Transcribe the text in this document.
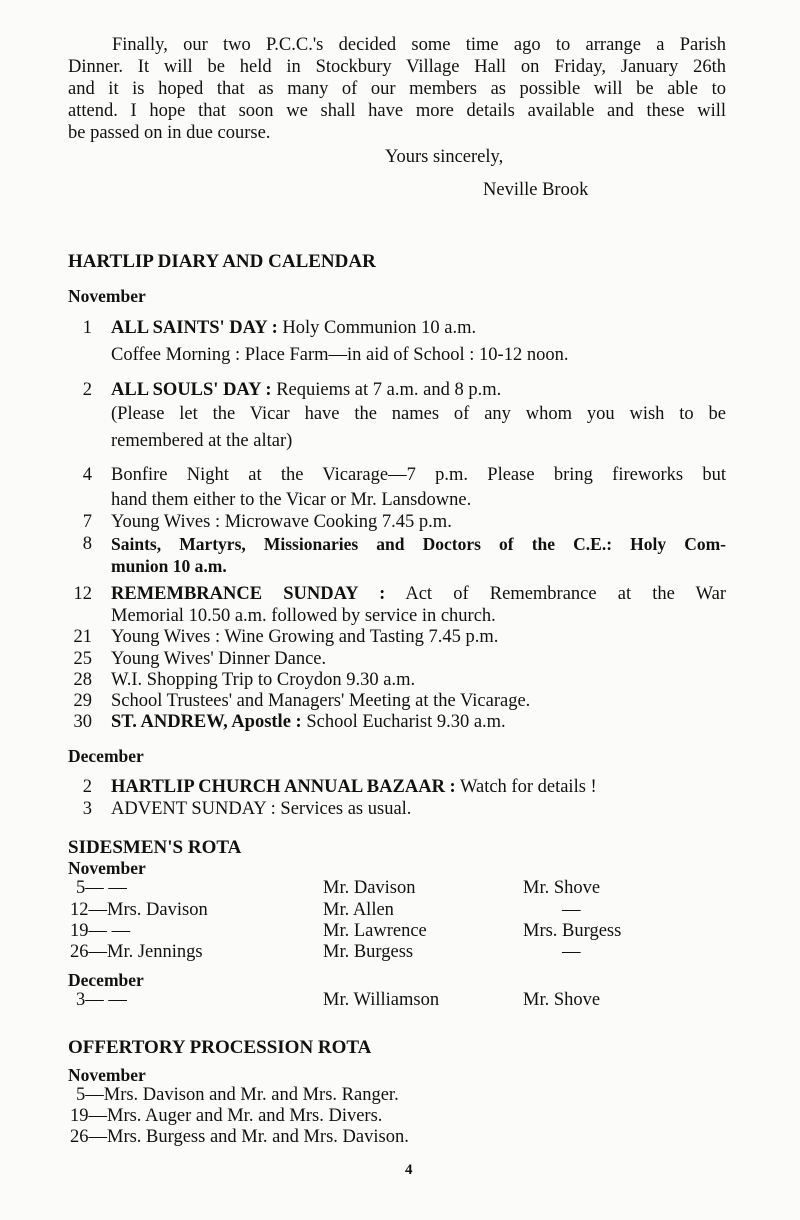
Finally, our two P.C.C.'s decided some time ago to arrange a Parish
Dinner. It will be held in Stockbury Village Hall on Friday, January 26th
and it is hoped that as many of our members as possible will be able to
attend. I hope that soon we shall have more details available and these will
be passed on in due course.
Yours sincerely,
Neville Brook
HARTLIP DIARY AND CALENDAR
November
1 ALL SAINTS' DAY : Holy Communion 10 a.m.
Coffee Morning : Place Farm—in aid of School : 10-12 noon.
2 ALL SOULS' DAY : Requiems at 7 a.m. and 8 p.m.
(Please let the Vicar have the names of any whom you wish to be
remembered at the altar)
4 Bonfire Night at the Vicarage—7 p.m. Please bring fireworks but
hand them either to the Vicar or Mr. Lansdowne.
7 Young Wives : Microwave Cooking 7.45 p.m.
8 Saints, Martyrs, Missionaries and Doctors of the C.E.: Holy Com-
munion 10 a.m.
12 REMEMBRANCE SUNDAY : Act of Remembrance at the War
Memorial 10.50 a.m. followed by service in church.
21 Young Wives : Wine Growing and Tasting 7.45 p.m.
25 Young Wives' Dinner Dance.
28 W.I. Shopping Trip to Croydon 9.30 a.m.
29 School Trustees' and Managers' Meeting at the Vicarage.
30 ST. ANDREW, Apostle : School Eucharist 9.30 a.m.
December
2 HARTLIP CHURCH ANNUAL BAZAAR : Watch for details !
3 ADVENT SUNDAY : Services as usual.
SIDESMEN'S ROTA
November
5— —	Mr. Davison	Mr. Shove
12—Mrs. Davison	Mr. Allen	—
19— —	Mr. Lawrence	Mrs. Burgess
26—Mr. Jennings	Mr. Burgess	—
December
3— —	Mr. Williamson	Mr. Shove
OFFERTORY PROCESSION ROTA
November
5—Mrs. Davison and Mr. and Mrs. Ranger.
19—Mrs. Auger and Mr. and Mrs. Divers.
26—Mrs. Burgess and Mr. and Mrs. Davison.
4
